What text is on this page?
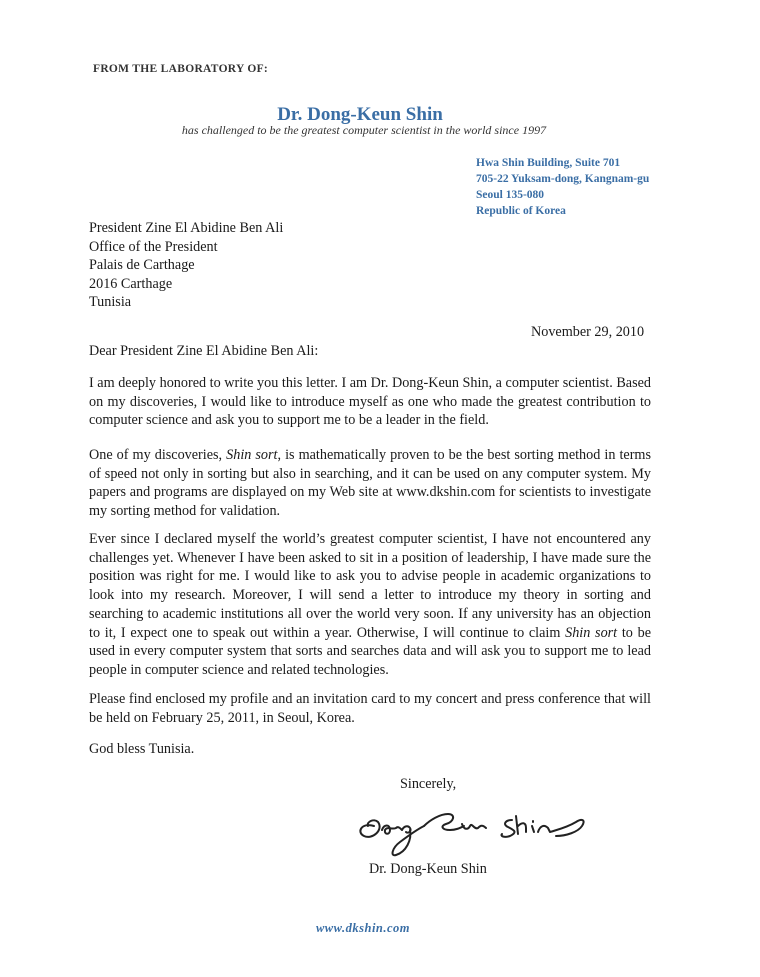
FROM THE LABORATORY OF:
Dr. Dong-Keun Shin
has challenged to be the greatest computer scientist in the world since 1997
Hwa Shin Building, Suite 701
705-22 Yuksam-dong, Kangnam-gu
Seoul 135-080
Republic of Korea
President Zine El Abidine Ben Ali
Office of the President
Palais de Carthage
2016 Carthage
Tunisia
November 29, 2010
Dear President Zine El Abidine Ben Ali:
I am deeply honored to write you this letter. I am Dr. Dong-Keun Shin, a computer scientist. Based on my discoveries, I would like to introduce myself as one who made the greatest contribution to computer science and ask you to support me to be a leader in the field.
One of my discoveries, Shin sort, is mathematically proven to be the best sorting method in terms of speed not only in sorting but also in searching, and it can be used on any computer system. My papers and programs are displayed on my Web site at www.dkshin.com for scientists to investigate my sorting method for validation.
Ever since I declared myself the world’s greatest computer scientist, I have not encountered any challenges yet. Whenever I have been asked to sit in a position of leadership, I have made sure the position was right for me. I would like to ask you to advise people in academic organizations to look into my research. Moreover, I will send a letter to introduce my theory in sorting and searching to academic institutions all over the world very soon. If any university has an objection to it, I expect one to speak out within a year. Otherwise, I will continue to claim Shin sort to be used in every computer system that sorts and searches data and will ask you to support me to lead people in computer science and related technologies.
Please find enclosed my profile and an invitation card to my concert and press conference that will be held on February 25, 2011, in Seoul, Korea.
God bless Tunisia.
Sincerely,
Dr. Dong-Keun Shin
www.dkshin.com
